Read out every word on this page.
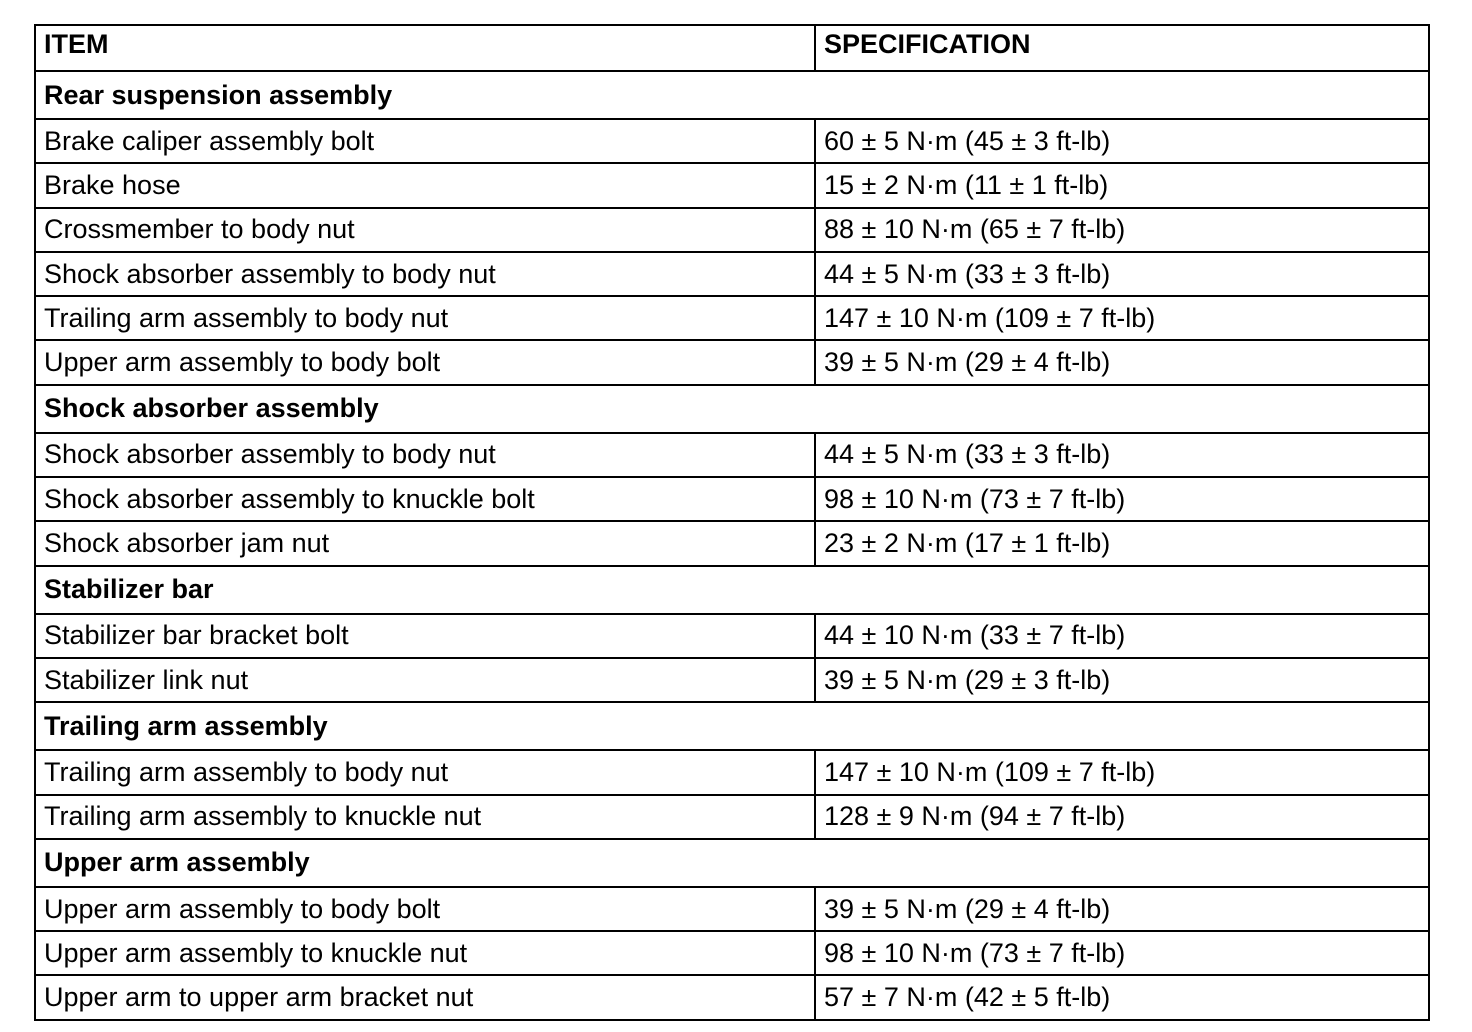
ITEM	SPECIFICATION
Rear suspension assembly	
Brake caliper assembly bolt	60 ± 5 N·m (45 ± 3 ft-lb)
Brake hose	15 ± 2 N·m (11 ± 1 ft-lb)
Crossmember to body nut	88 ± 10 N·m (65 ± 7 ft-lb)
Shock absorber assembly to body nut	44 ± 5 N·m (33 ± 3 ft-lb)
Trailing arm assembly to body nut	147 ± 10 N·m (109 ± 7 ft-lb)
Upper arm assembly to body bolt	39 ± 5 N·m (29 ± 4 ft-lb)
Shock absorber assembly	
Shock absorber assembly to body nut	44 ± 5 N·m (33 ± 3 ft-lb)
Shock absorber assembly to knuckle bolt	98 ± 10 N·m (73 ± 7 ft-lb)
Shock absorber jam nut	23 ± 2 N·m (17 ± 1 ft-lb)
Stabilizer bar	
Stabilizer bar bracket bolt	44 ± 10 N·m (33 ± 7 ft-lb)
Stabilizer link nut	39 ± 5 N·m (29 ± 3 ft-lb)
Trailing arm assembly	
Trailing arm assembly to body nut	147 ± 10 N·m (109 ± 7 ft-lb)
Trailing arm assembly to knuckle nut	128 ± 9 N·m (94 ± 7 ft-lb)
Upper arm assembly	
Upper arm assembly to body bolt	39 ± 5 N·m (29 ± 4 ft-lb)
Upper arm assembly to knuckle nut	98 ± 10 N·m (73 ± 7 ft-lb)
Upper arm to upper arm bracket nut	57 ± 7 N·m (42 ± 5 ft-lb)
